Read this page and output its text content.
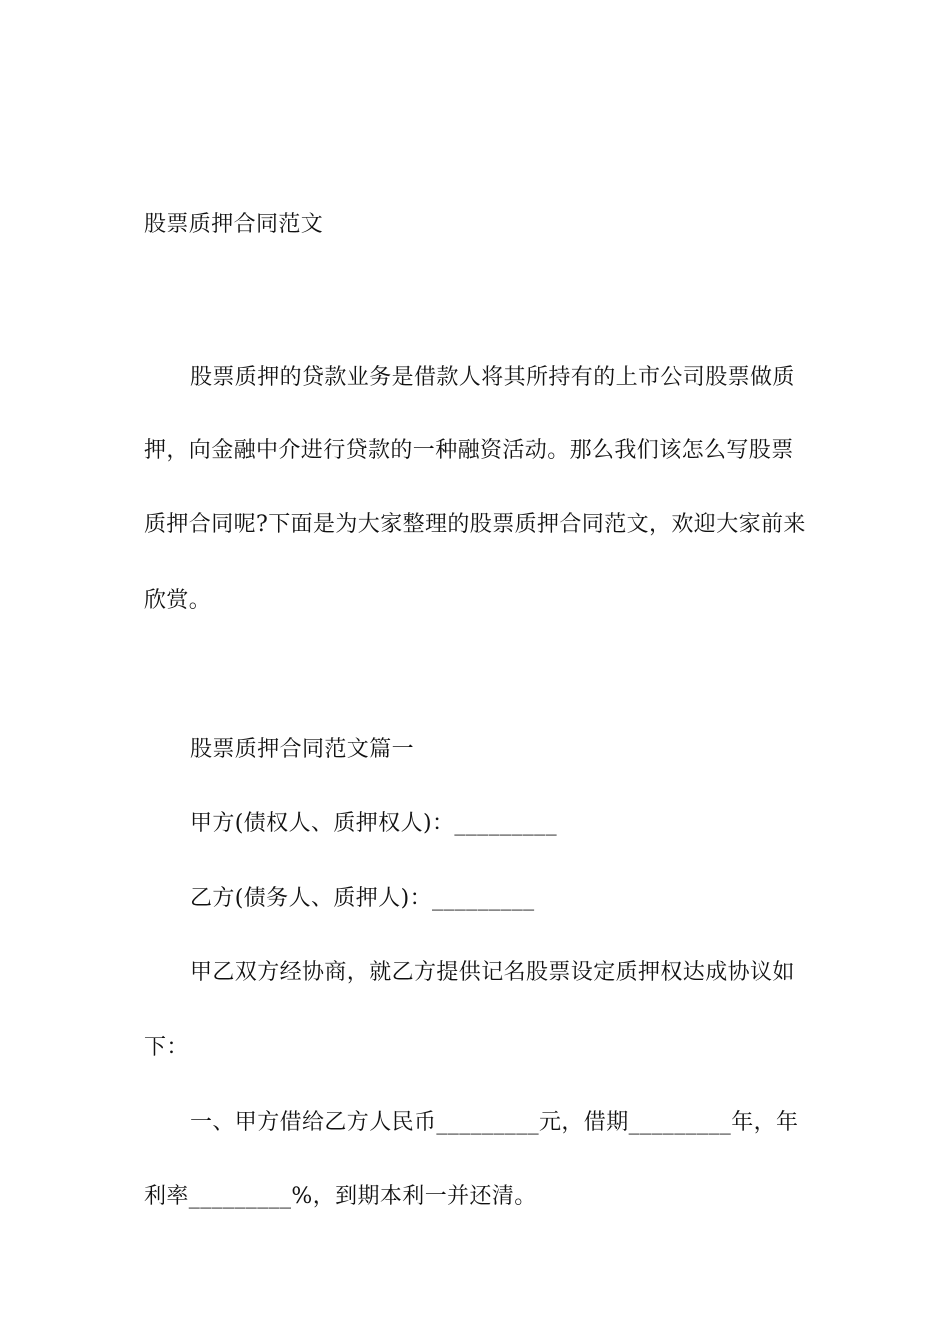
股票质押合同范文
股票质押的贷款业务是借款人将其所持有的上市公司股票做质
押，向金融中介进行贷款的一种融资活动。那么我们该怎么写股票
质押合同呢?下面是为大家整理的股票质押合同范文，欢迎大家前来
欣赏。
股票质押合同范文篇一
甲方(债权人、质押权人)：_________
乙方(债务人、质押人)：_________
甲乙双方经协商，就乙方提供记名股票设定质押权达成协议如
下：
一、甲方借给乙方人民币_________元，借期_________年，年
利率_________%，到期本利一并还清。
